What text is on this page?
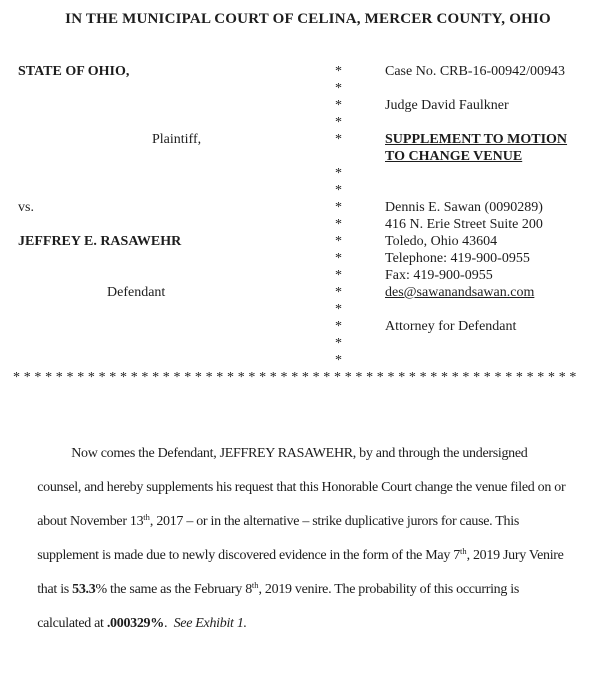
IN THE MUNICIPAL COURT OF CELINA, MERCER COUNTY, OHIO
STATE OF OHIO,	*	Case No. CRB-16-00942/00943
*
*	Judge David Faulkner
*
Plaintiff,	*	SUPPLEMENT TO MOTION
TO CHANGE VENUE
*
*
vs.	*	Dennis E. Sawan (0090289)
*	416 N. Erie Street Suite 200
JEFFREY E. RASAWEHR	*	Toledo, Ohio 43604
*	Telephone: 419-900-0955
*	Fax: 419-900-0955
Defendant	*	des@sawanandsawan.com
*
*	Attorney for Defendant
*
*
* * * * * * * * * * * * * * * * * * * * * * * * * * * * * * * * * * * * * * * * * * * * * * * * * * * * *

Now comes the Defendant, JEFFREY RASAWEHR, by and through the undersigned

counsel, and hereby supplements his request that this Honorable Court change the venue filed on or

about November 13th, 2017 – or in the alternative – strike duplicative jurors for cause. This

supplement is made due to newly discovered evidence in the form of the May 7th, 2019 Jury Venire

that is 53.3% the same as the February 8th, 2019 venire. The probability of this occurring is

calculated at .000329%.  See Exhibit 1.
